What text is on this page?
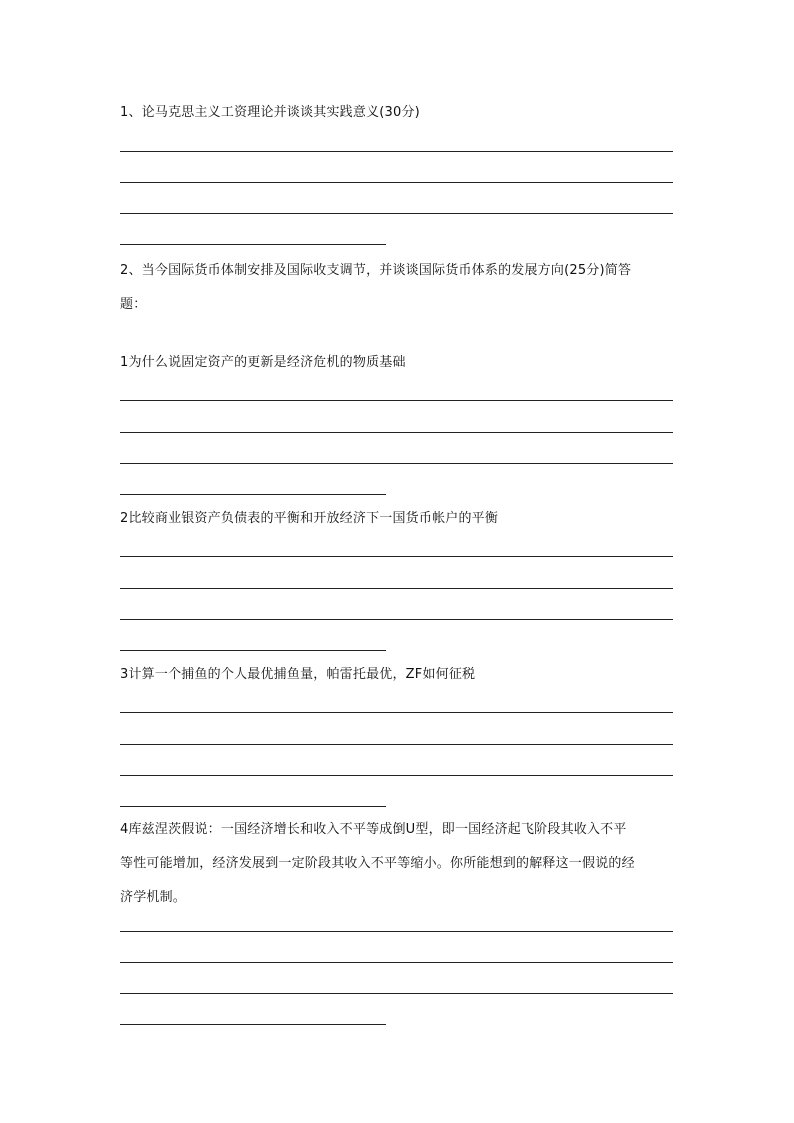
1、论马克思主义工资理论并谈谈其实践意义(30分)
2、当今国际货币体制安排及国际收支调节，并谈谈国际货币体系的发展方向(25分)简答
题：
1为什么说固定资产的更新是经济危机的物质基础
2比较商业银资产负债表的平衡和开放经济下一国货币帐户的平衡
3计算一个捕鱼的个人最优捕鱼量，帕雷托最优，ZF如何征税
4库兹涅茨假说：一国经济增长和收入不平等成倒U型，即一国经济起飞阶段其收入不平
等性可能增加，经济发展到一定阶段其收入不平等缩小。你所能想到的解释这一假说的经
济学机制。
